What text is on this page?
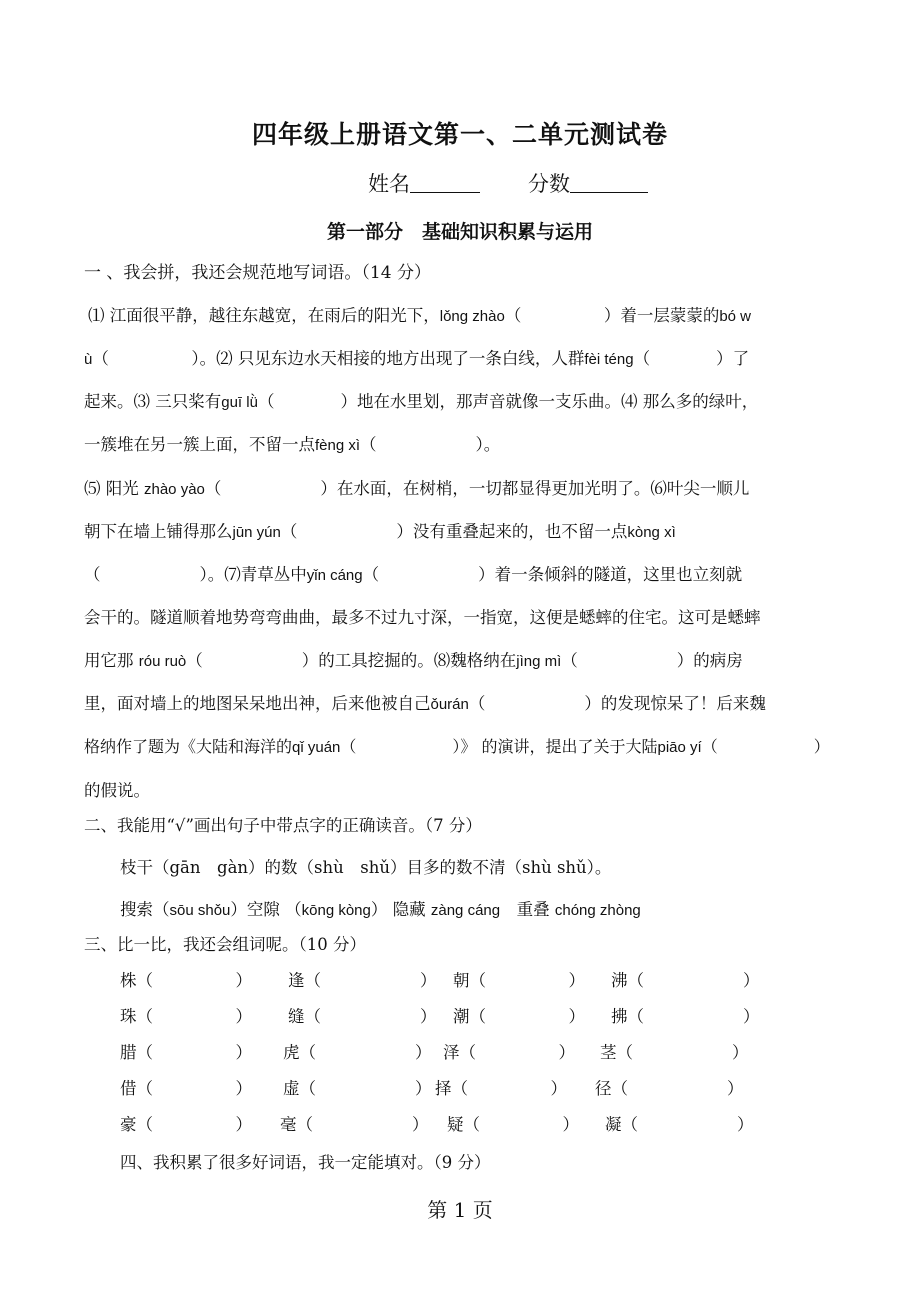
四年级上册语文第一、二单元测试卷
姓名	分数
第一部分　基础知识积累与运用
一 、我会拼，我还会规范地写词语。（14 分）
⑴ 江面很平静，越往东越宽，在雨后的阳光下，lǒng zhào（　　　　　）着一层蒙蒙的bó w
ù（　　　　　）。⑵ 只见东边水天相接的地方出现了一条白线，人群fèi téng（　　　　）了
起来。⑶ 三只桨有guī lǜ（　　　　）地在水里划，那声音就像一支乐曲。⑷ 那么多的绿叶，
一簇堆在另一簇上面，不留一点fèng xì（　　　　　　）。
⑸ 阳光 zhào yào（　　　　　　）在水面，在树梢，一切都显得更加光明了。⑹叶尖一顺儿
朝下在墙上铺得那么jūn yún（　　　　　　）没有重叠起来的，也不留一点kòng xì
（　　　　　　）。⑺青草丛中yǐn cáng（　　　　　　）着一条倾斜的隧道，这里也立刻就
会干的。隧道顺着地势弯弯曲曲，最多不过九寸深，一指宽，这便是蟋蟀的住宅。这可是蟋蟀
用它那 róu ruò（　　　　　　）的工具挖掘的。⑻魏格纳在jìng mì（　　　　　　）的病房
里，面对墙上的地图呆呆地出神，后来他被自己ǒurán（　　　　　　）的发现惊呆了！后来魏
格纳作了题为《大陆和海洋的qǐ yuán（　　　　　　）》 的演讲，提出了关于大陆piāo yí（　　　　　　）
的假说。
二、我能用“√”画出句子中带点字的正确读音。（7 分）
枝干（gān　gàn）的数（shù　shǔ）目多的数不清（shù shǔ）。
搜索（sōu shǒu）空隙 （kōng kòng） 隐藏 zàng cáng　重叠 chóng zhòng
三、比一比，我还会组词呢。（10 分）
株（　　　　　） 逢（　　　　　　） 朝（　　　　　） 沸（　　　　　　）
珠（　　　　　） 缝（　　　　　　） 潮（　　　　　） 拂（　　　　　　）
腊（　　　　　） 虎（　　　　　　） 泽（　　　　　） 茎（　　　　　　）
借（　　　　　） 虚（　　　　　　） 择（　　　　　） 径（　　　　　　）
豪（　　　　　） 毫（　　　　　　） 疑（　　　　　） 凝（　　　　　　）
四、我积累了很多好词语，我一定能填对。（9 分）
第 1 页
